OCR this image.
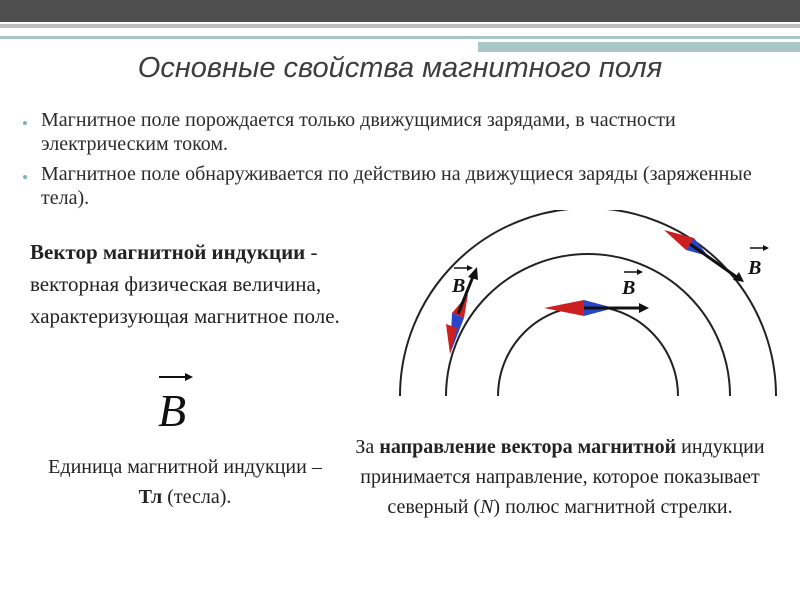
Основные свойства магнитного поля
• Магнитное поле порождается только движущимися зарядами, в частности электрическим током.
• Магнитное поле обнаруживается по действию на движущиеся заряды (заряженные тела).
Вектор магнитной индукции - векторная физическая величина, характеризующая магнитное поле.
B
Единица магнитной индукции – Тл (тесла).
За направление вектора магнитной индукции принимается направление, которое показывает северный (N) полюс магнитной стрелки.
B	B
B
